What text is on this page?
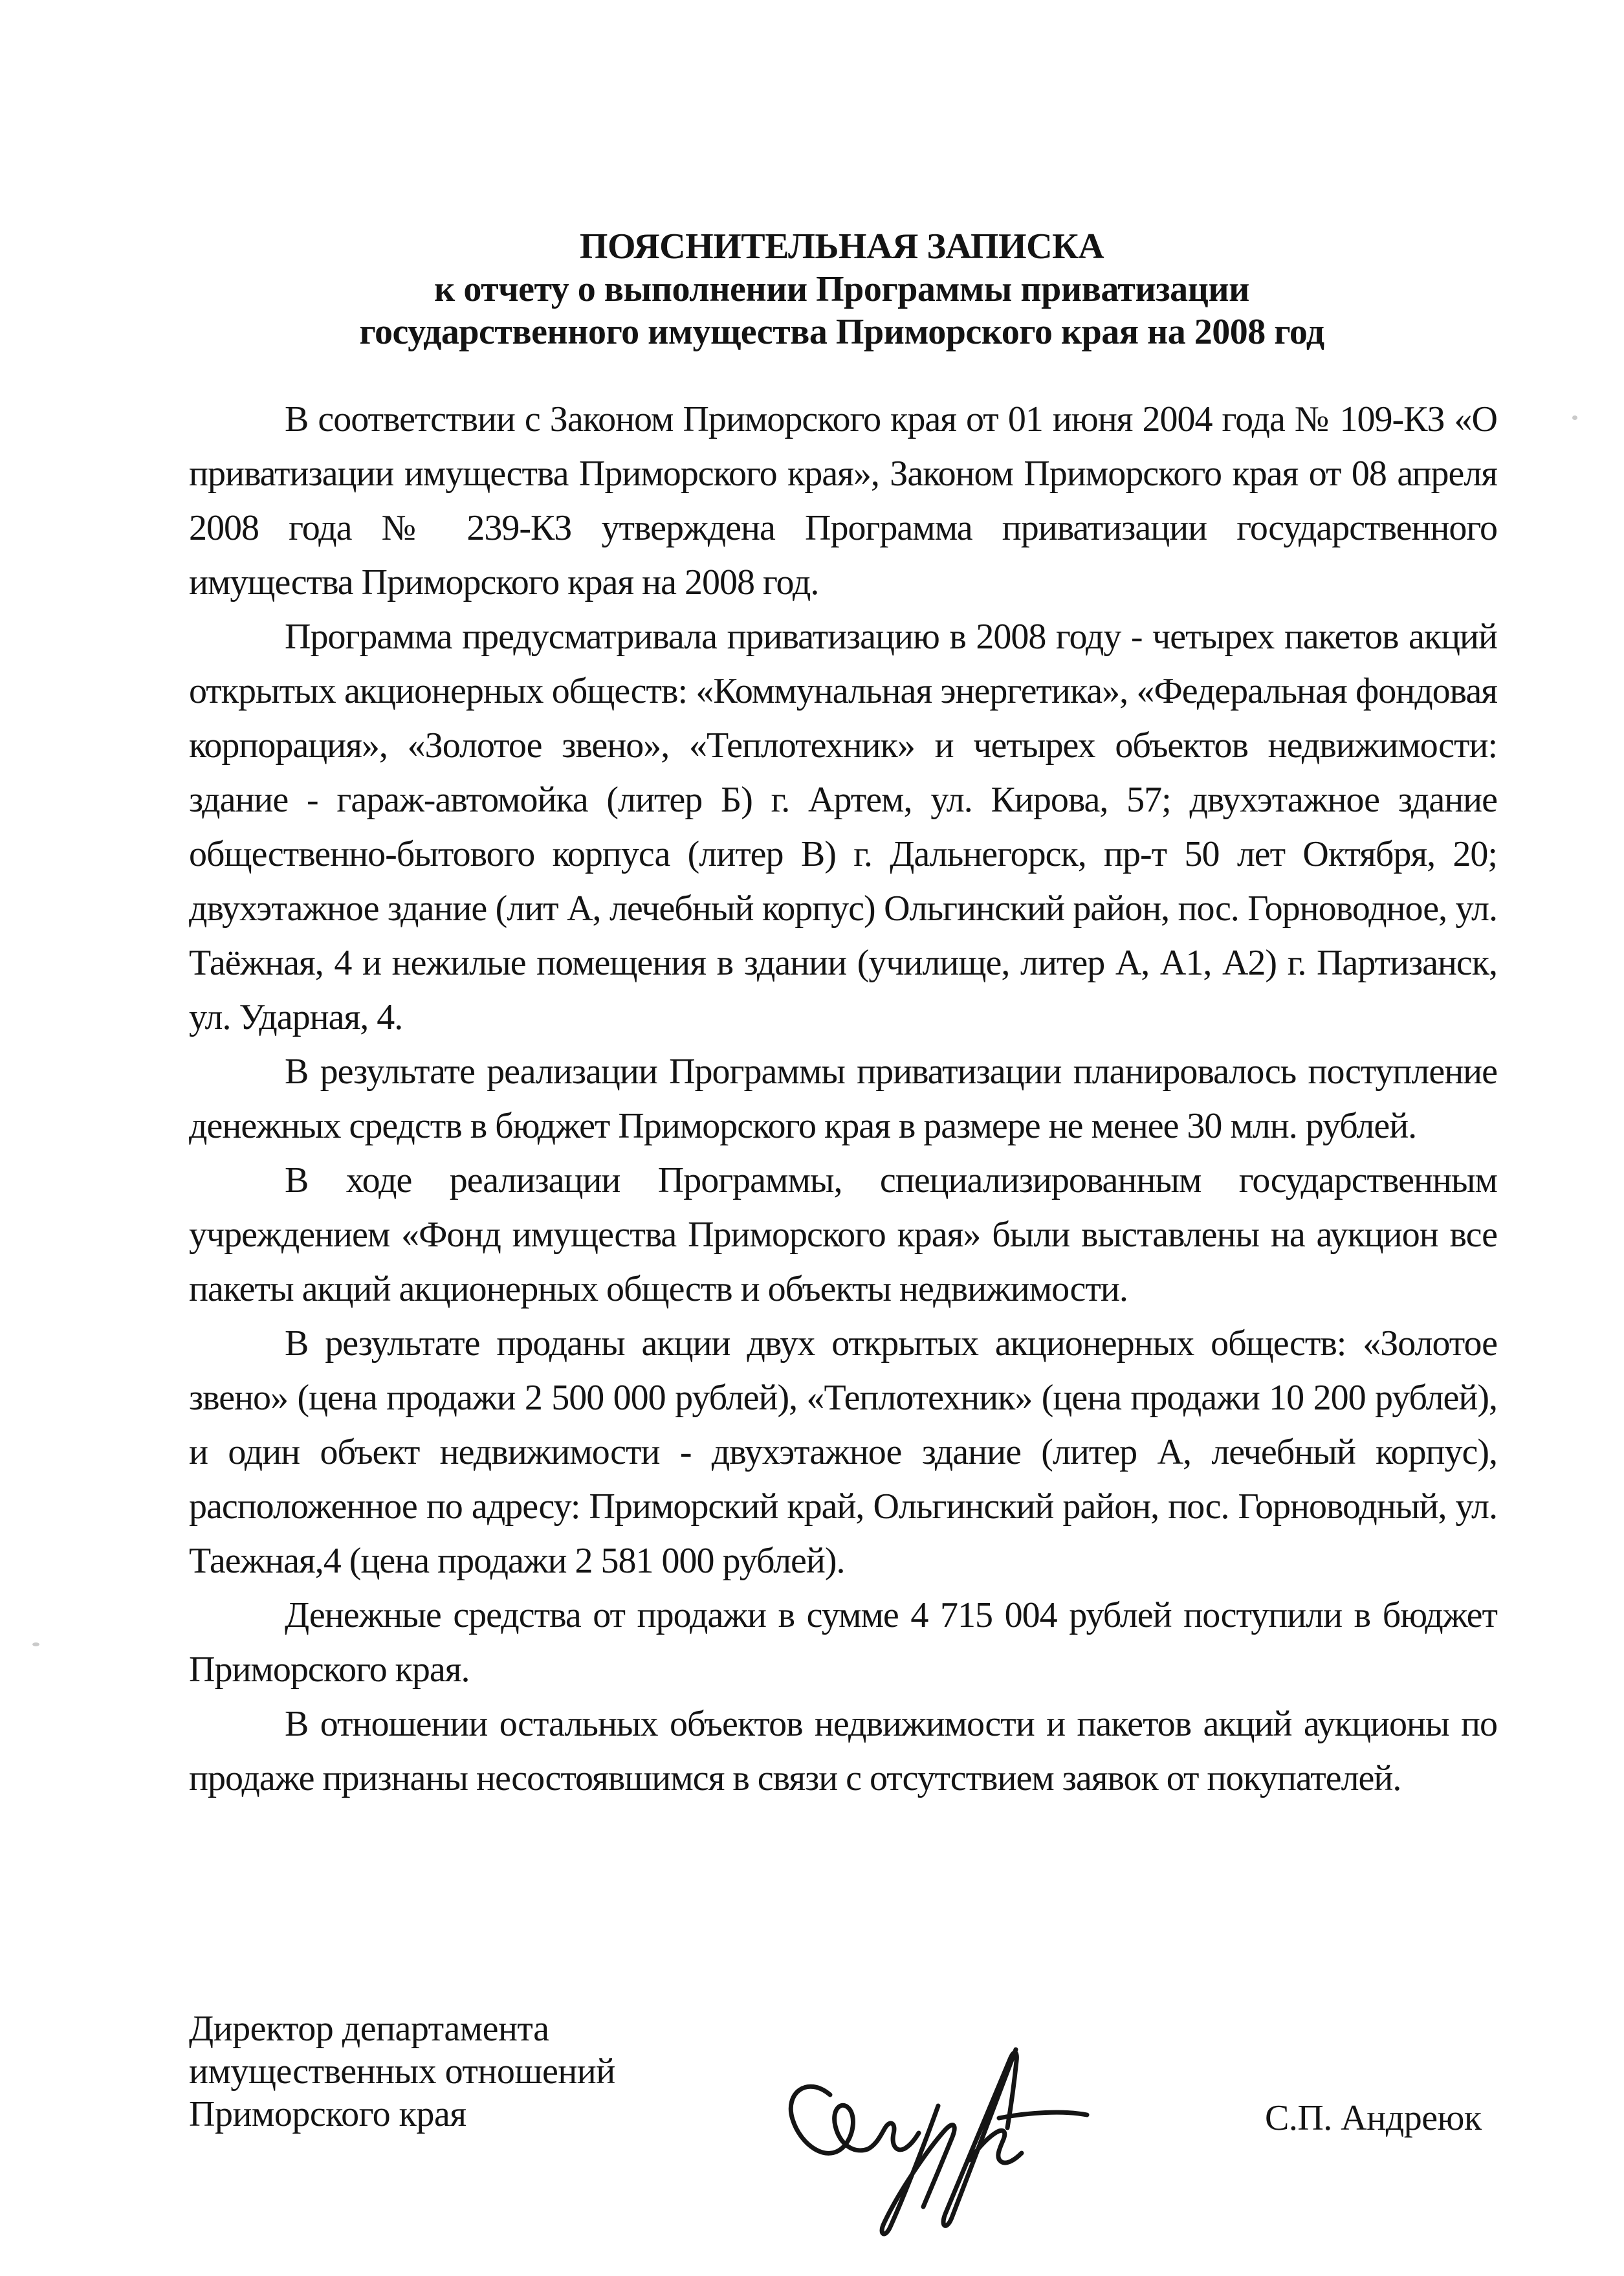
ПОЯСНИТЕЛЬНАЯ ЗАПИСКА
к отчету о выполнении Программы приватизации
государственного имущества Приморского края на 2008 год

В соответствии с Законом Приморского края от 01 июня 2004 года № 109-КЗ «О приватизации имущества Приморского края», Законом Приморского края от 08 апреля 2008 года № 239-КЗ утверждена Программа приватизации государственного имущества Приморского края на 2008 год.

Программа предусматривала приватизацию в 2008 году - четырех пакетов акций открытых акционерных обществ: «Коммунальная энергетика», «Федеральная фондовая корпорация», «Золотое звено», «Теплотехник» и четырех объектов недвижимости: здание - гараж-автомойка (литер Б) г. Артем, ул. Кирова, 57; двухэтажное здание общественно-бытового корпуса (литер В) г. Дальнегорск, пр-т 50 лет Октября, 20; двухэтажное здание (лит А, лечебный корпус) Ольгинский район, пос. Горноводное, ул. Таёжная, 4 и нежилые помещения в здании (училище, литер А, А1, А2) г. Партизанск, ул. Ударная, 4.

В результате реализации Программы приватизации планировалось поступление денежных средств в бюджет Приморского края в размере не менее 30 млн. рублей.

В ходе реализации Программы, специализированным государственным учреждением «Фонд имущества Приморского края» были выставлены на аукцион все пакеты акций акционерных обществ и объекты недвижимости.

В результате проданы акции двух открытых акционерных обществ: «Золотое звено» (цена продажи 2 500 000 рублей), «Теплотехник» (цена продажи 10 200 рублей), и один объект недвижимости - двухэтажное здание (литер А, лечебный корпус), расположенное по адресу: Приморский край, Ольгинский район, пос. Горноводный, ул. Таежная,4 (цена продажи 2 581 000 рублей).

Денежные средства от продажи в сумме 4 715 004 рублей поступили в бюджет Приморского края.

В отношении остальных объектов недвижимости и пакетов акций аукционы по продаже признаны несостоявшимся в связи с отсутствием заявок от покупателей.

Директор департамента
имущественных отношений
Приморского края	С.П. Андреюк
